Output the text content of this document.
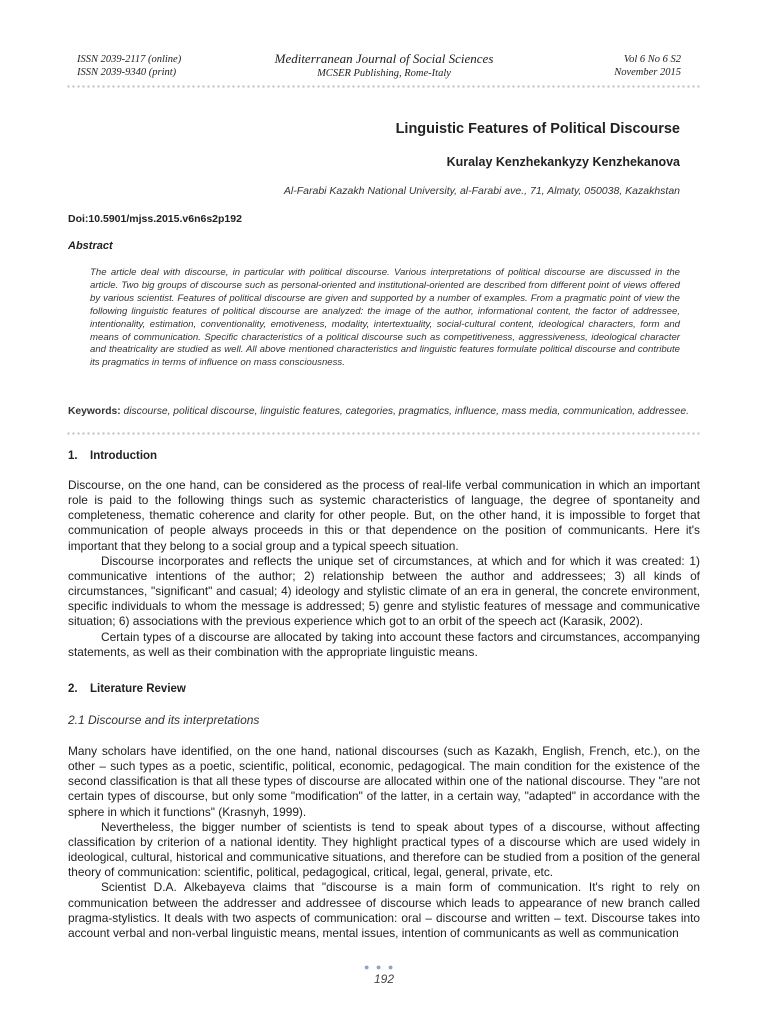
ISSN 2039-2117 (online)
ISSN 2039-9340 (print)
Mediterranean Journal of Social Sciences
MCSER Publishing, Rome-Italy
Vol 6 No 6 S2
November 2015
Linguistic Features of Political Discourse
Kuralay Kenzhekankyzy Kenzhekanova
Al-Farabi Kazakh National University, al-Farabi ave., 71, Almaty, 050038, Kazakhstan
Doi:10.5901/mjss.2015.v6n6s2p192
Abstract
The article deal with discourse, in particular with political discourse. Various interpretations of political discourse are discussed in the article. Two big groups of discourse such as personal-oriented and institutional-oriented are described from different point of views offered by various scientist. Features of political discourse are given and supported by a number of examples. From a pragmatic point of view the following linguistic features of political discourse are analyzed: the image of the author, informational content, the factor of addressee, intentionality, estimation, conventionality, emotiveness, modality, intertextuality, social-cultural content, ideological characters, form and means of communication. Specific characteristics of a political discourse such as competitiveness, aggressiveness, ideological character and theatricality are studied as well. All above mentioned characteristics and linguistic features formulate political discourse and contribute its pragmatics in terms of influence on mass consciousness.
Keywords: discourse, political discourse, linguistic features, categories, pragmatics, influence, mass media, communication, addressee.
1. Introduction

Discourse, on the one hand, can be considered as the process of real-life verbal communication in which an important role is paid to the following things such as systemic characteristics of language, the degree of spontaneity and completeness, thematic coherence and clarity for other people. But, on the other hand, it is impossible to forget that communication of people always proceeds in this or that dependence on the position of communicants. Here it's important that they belong to a social group and a typical speech situation.

Discourse incorporates and reflects the unique set of circumstances, at which and for which it was created: 1) communicative intentions of the author; 2) relationship between the author and addressees; 3) all kinds of circumstances, "significant" and casual; 4) ideology and stylistic climate of an era in general, the concrete environment, specific individuals to whom the message is addressed; 5) genre and stylistic features of message and communicative situation; 6) associations with the previous experience which got to an orbit of the speech act (Karasik, 2002).

Certain types of a discourse are allocated by taking into account these factors and circumstances, accompanying statements, as well as their combination with the appropriate linguistic means.

2. Literature Review
2.1 Discourse and its interpretations

Many scholars have identified, on the one hand, national discourses (such as Kazakh, English, French, etc.), on the other – such types as a poetic, scientific, political, economic, pedagogical. The main condition for the existence of the second classification is that all these types of discourse are allocated within one of the national discourse. They "are not certain types of discourse, but only some "modification" of the latter, in a certain way, "adapted" in accordance with the sphere in which it functions" (Krasnyh, 1999).

Nevertheless, the bigger number of scientists is tend to speak about types of a discourse, without affecting classification by criterion of a national identity. They highlight practical types of a discourse which are used widely in ideological, cultural, historical and communicative situations, and therefore can be studied from a position of the general theory of communication: scientific, political, pedagogical, critical, legal, general, private, etc.

Scientist D.A. Alkebayeva claims that "discourse is a main form of communication. It's right to rely on communication between the addresser and addressee of discourse which leads to appearance of new branch called pragma-stylistics. It deals with two aspects of communication: oral – discourse and written – text. Discourse takes into account verbal and non-verbal linguistic means, mental issues, intention of communicants as well as communication

● ● ●
192
